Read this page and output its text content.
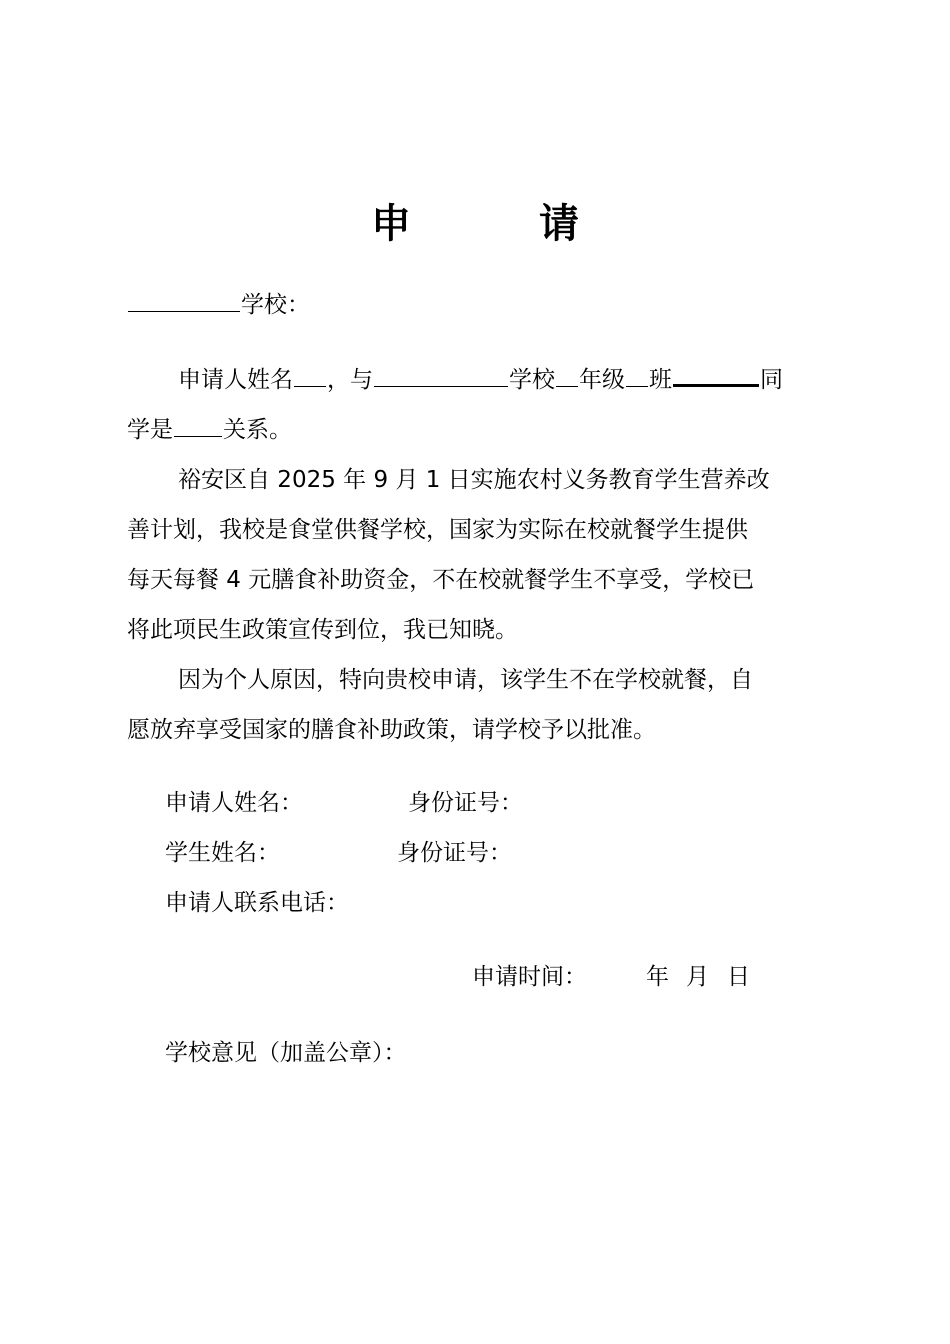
申　请
学校：
申请人姓名 ，与	学校 年级 班	同
学是 关系。
裕安区自 2025 年 9 月 1 日实施农村义务教育学生营养改
善计划，我校是食堂供餐学校，国家为实际在校就餐学生提供
每天每餐 4 元膳食补助资金，不在校就餐学生不享受，学校已
将此项民生政策宣传到位，我已知晓。
因为个人原因，特向贵校申请，该学生不在学校就餐，自
愿放弃享受国家的膳食补助政策，请学校予以批准。
申请人姓名：	身份证号：
学生姓名：	身份证号：
申请人联系电话：
申请时间：	年 月 日
学校意见（加盖公章）：
